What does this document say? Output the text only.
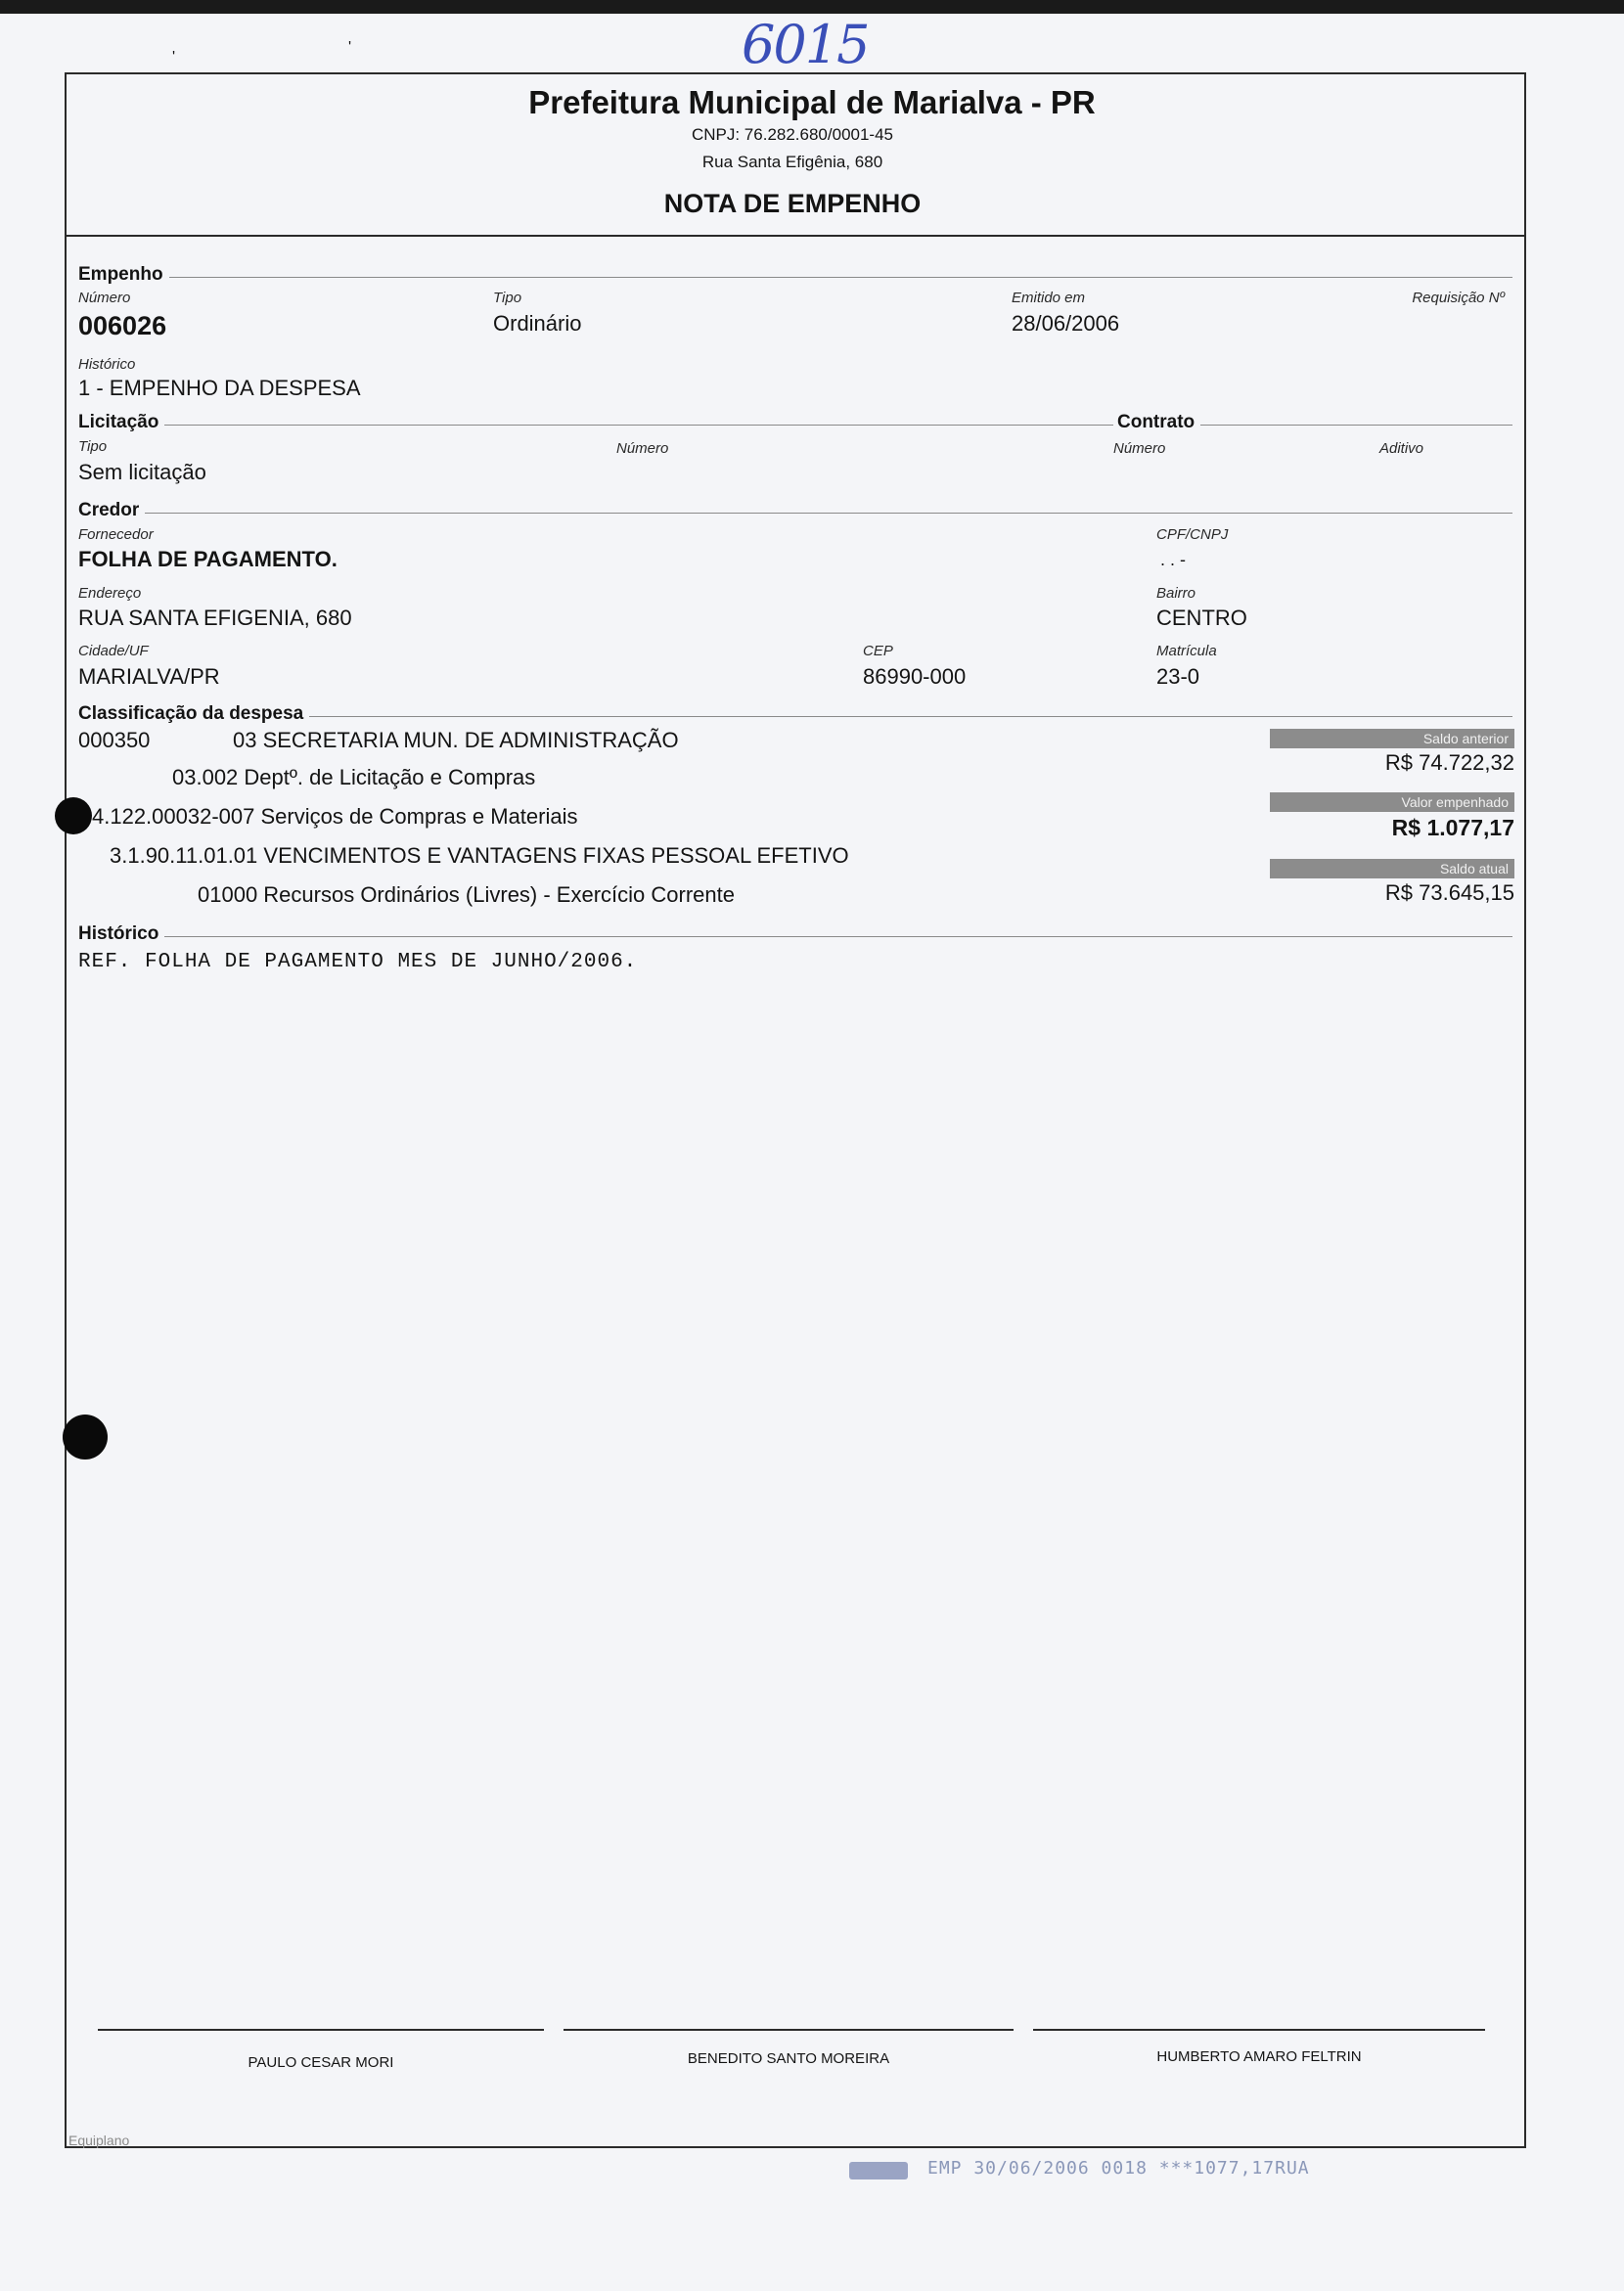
'
'	6015
Prefeitura Municipal de Marialva - PR
CNPJ: 76.282.680/0001-45
Rua Santa Efigênia, 680
NOTA DE EMPENHO
Empenho
Número
006026
Tipo
Ordinário
Emitido em
28/06/2006
Requisição Nº
Histórico
1 - EMPENHO DA DESPESA
Licitação	Contrato
Tipo
Sem licitação
Número	Número	Aditivo
Credor
Fornecedor
FOLHA DE PAGAMENTO.
CPF/CNPJ
. . -
Endereço
RUA SANTA EFIGENIA, 680
Bairro
CENTRO
Cidade/UF
MARIALVA/PR
CEP
86990-000
Matrícula
23-0
Classificação da despesa
000350	03 SECRETARIA MUN. DE ADMINISTRAÇÃO
03.002 Deptº. de Licitação e Compras
4.122.00032-007 Serviços de Compras e Materiais
3.1.90.11.01.01 VENCIMENTOS E VANTAGENS FIXAS PESSOAL EFETIVO
01000 Recursos Ordinários (Livres) - Exercício Corrente
Saldo anterior
R$ 74.722,32
Valor empenhado
R$ 1.077,17
Saldo atual
R$ 73.645,15
Histórico
REF. FOLHA DE PAGAMENTO MES DE JUNHO/2006.
PAULO CESAR MORI	BENEDITO SANTO MOREIRA	HUMBERTO AMARO FELTRIN
Equiplano
EMP 30/06/2006 0018 ***1077,17RUA
